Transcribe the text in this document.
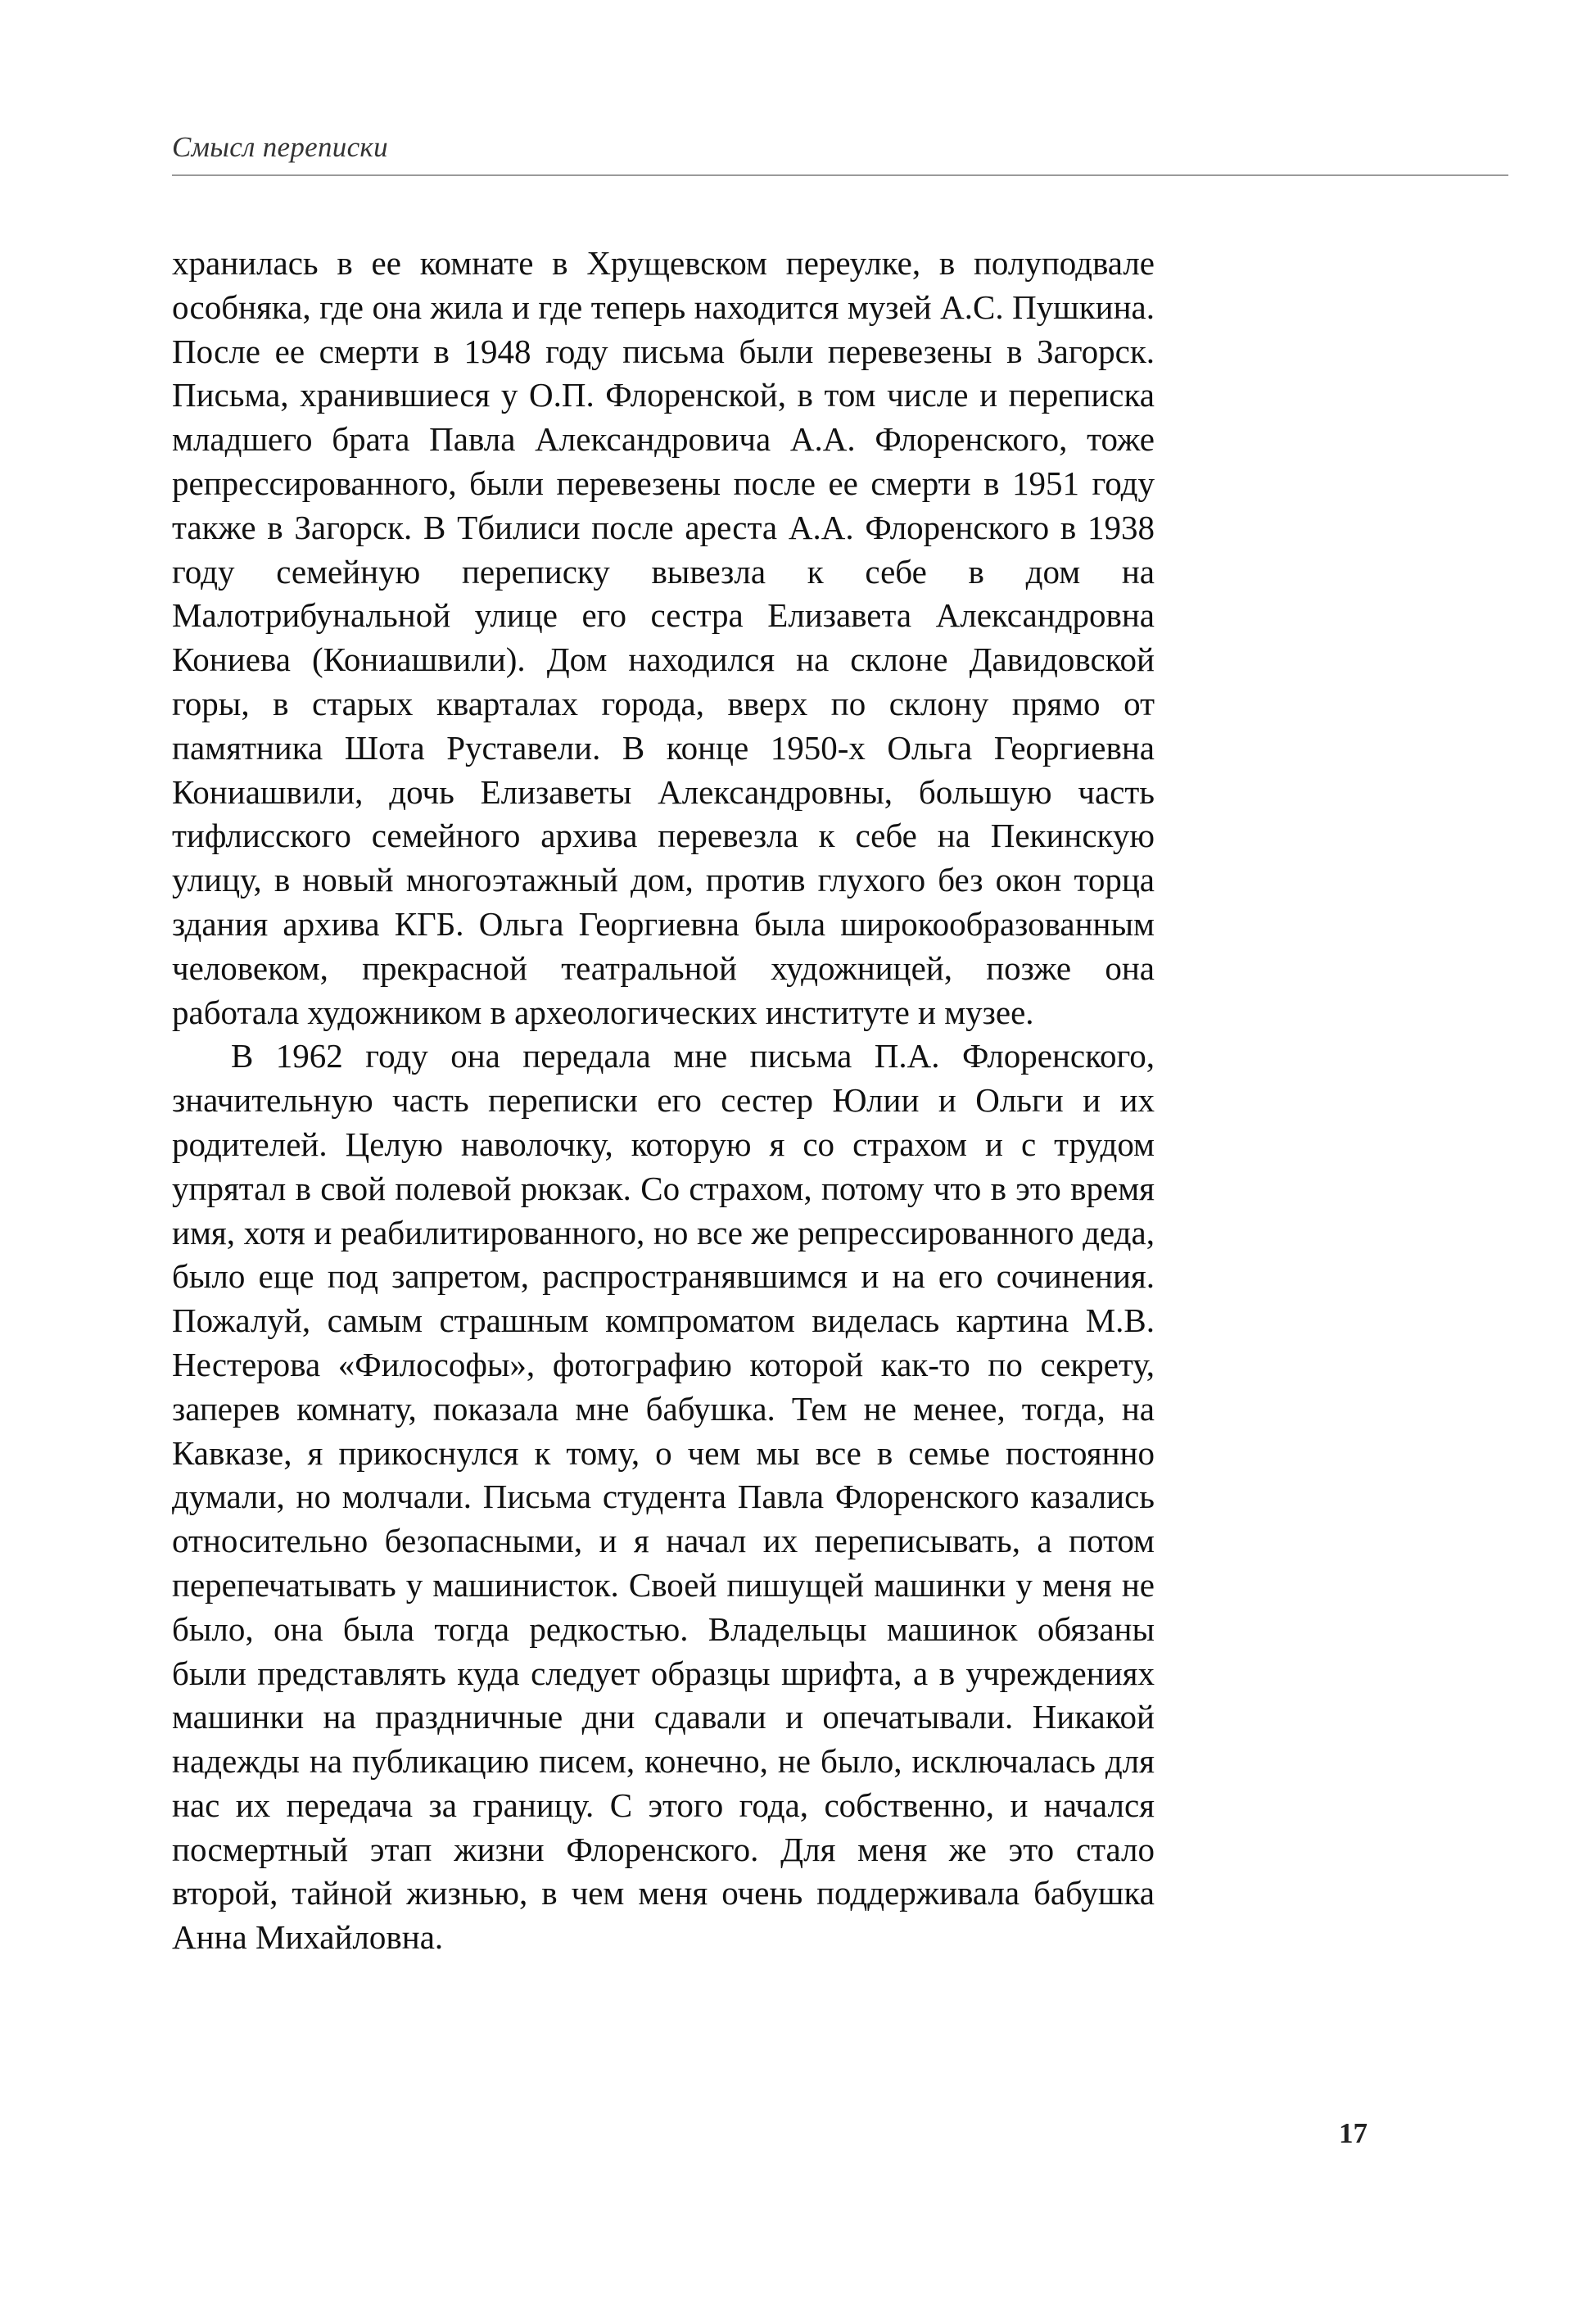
Смысл переписки

хранилась в ее комнате в Хрущевском переулке, в полуподвале особняка, где она жила и где теперь находится музей А.С. Пушкина. После ее смерти в 1948 году письма были перевезены в Загорск. Письма, хранившиеся у О.П. Флоренской, в том числе и переписка младшего брата Павла Александровича А.А. Флоренского, тоже репрессированного, были перевезены после ее смерти в 1951 году также в Загорск. В Тбилиси после ареста А.А. Флоренского в 1938 году семейную переписку вывезла к себе в дом на Малотрибунальной улице его сестра Елизавета Александровна Кониева (Кониашвили). Дом находился на склоне Давидовской горы, в старых кварталах города, вверх по склону прямо от памятника Шота Руставели. В конце 1950-х Ольга Георгиевна Кониашвили, дочь Елизаветы Александровны, большую часть тифлисского семейного архива перевезла к себе на Пекинскую улицу, в новый многоэтажный дом, против глухого без окон торца здания архива КГБ. Ольга Георгиевна была широкообразованным человеком, прекрасной театральной художницей, позже она работала художником в археологических институте и музее.

В 1962 году она передала мне письма П.А. Флоренского, значительную часть переписки его сестер Юлии и Ольги и их родителей. Целую наволочку, которую я со страхом и с трудом упрятал в свой полевой рюкзак. Со страхом, потому что в это время имя, хотя и реабилитированного, но все же репрессированного деда, было еще под запретом, распространявшимся и на его сочинения. Пожалуй, самым страшным компроматом виделась картина М.В. Нестерова «Философы», фотографию которой как-то по секрету, заперев комнату, показала мне бабушка. Тем не менее, тогда, на Кавказе, я прикоснулся к тому, о чем мы все в семье постоянно думали, но молчали. Письма студента Павла Флоренского казались относительно безопасными, и я начал их переписывать, а потом перепечатывать у машинисток. Своей пишущей машинки у меня не было, она была тогда редкостью. Владельцы машинок обязаны были представлять куда следует образцы шрифта, а в учреждениях машинки на праздничные дни сдавали и опечатывали. Никакой надежды на публикацию писем, конечно, не было, исключалась для нас их передача за границу. С этого года, собственно, и начался посмертный этап жизни Флоренского. Для меня же это стало второй, тайной жизнью, в чем меня очень поддерживала бабушка Анна Михайловна.

17
